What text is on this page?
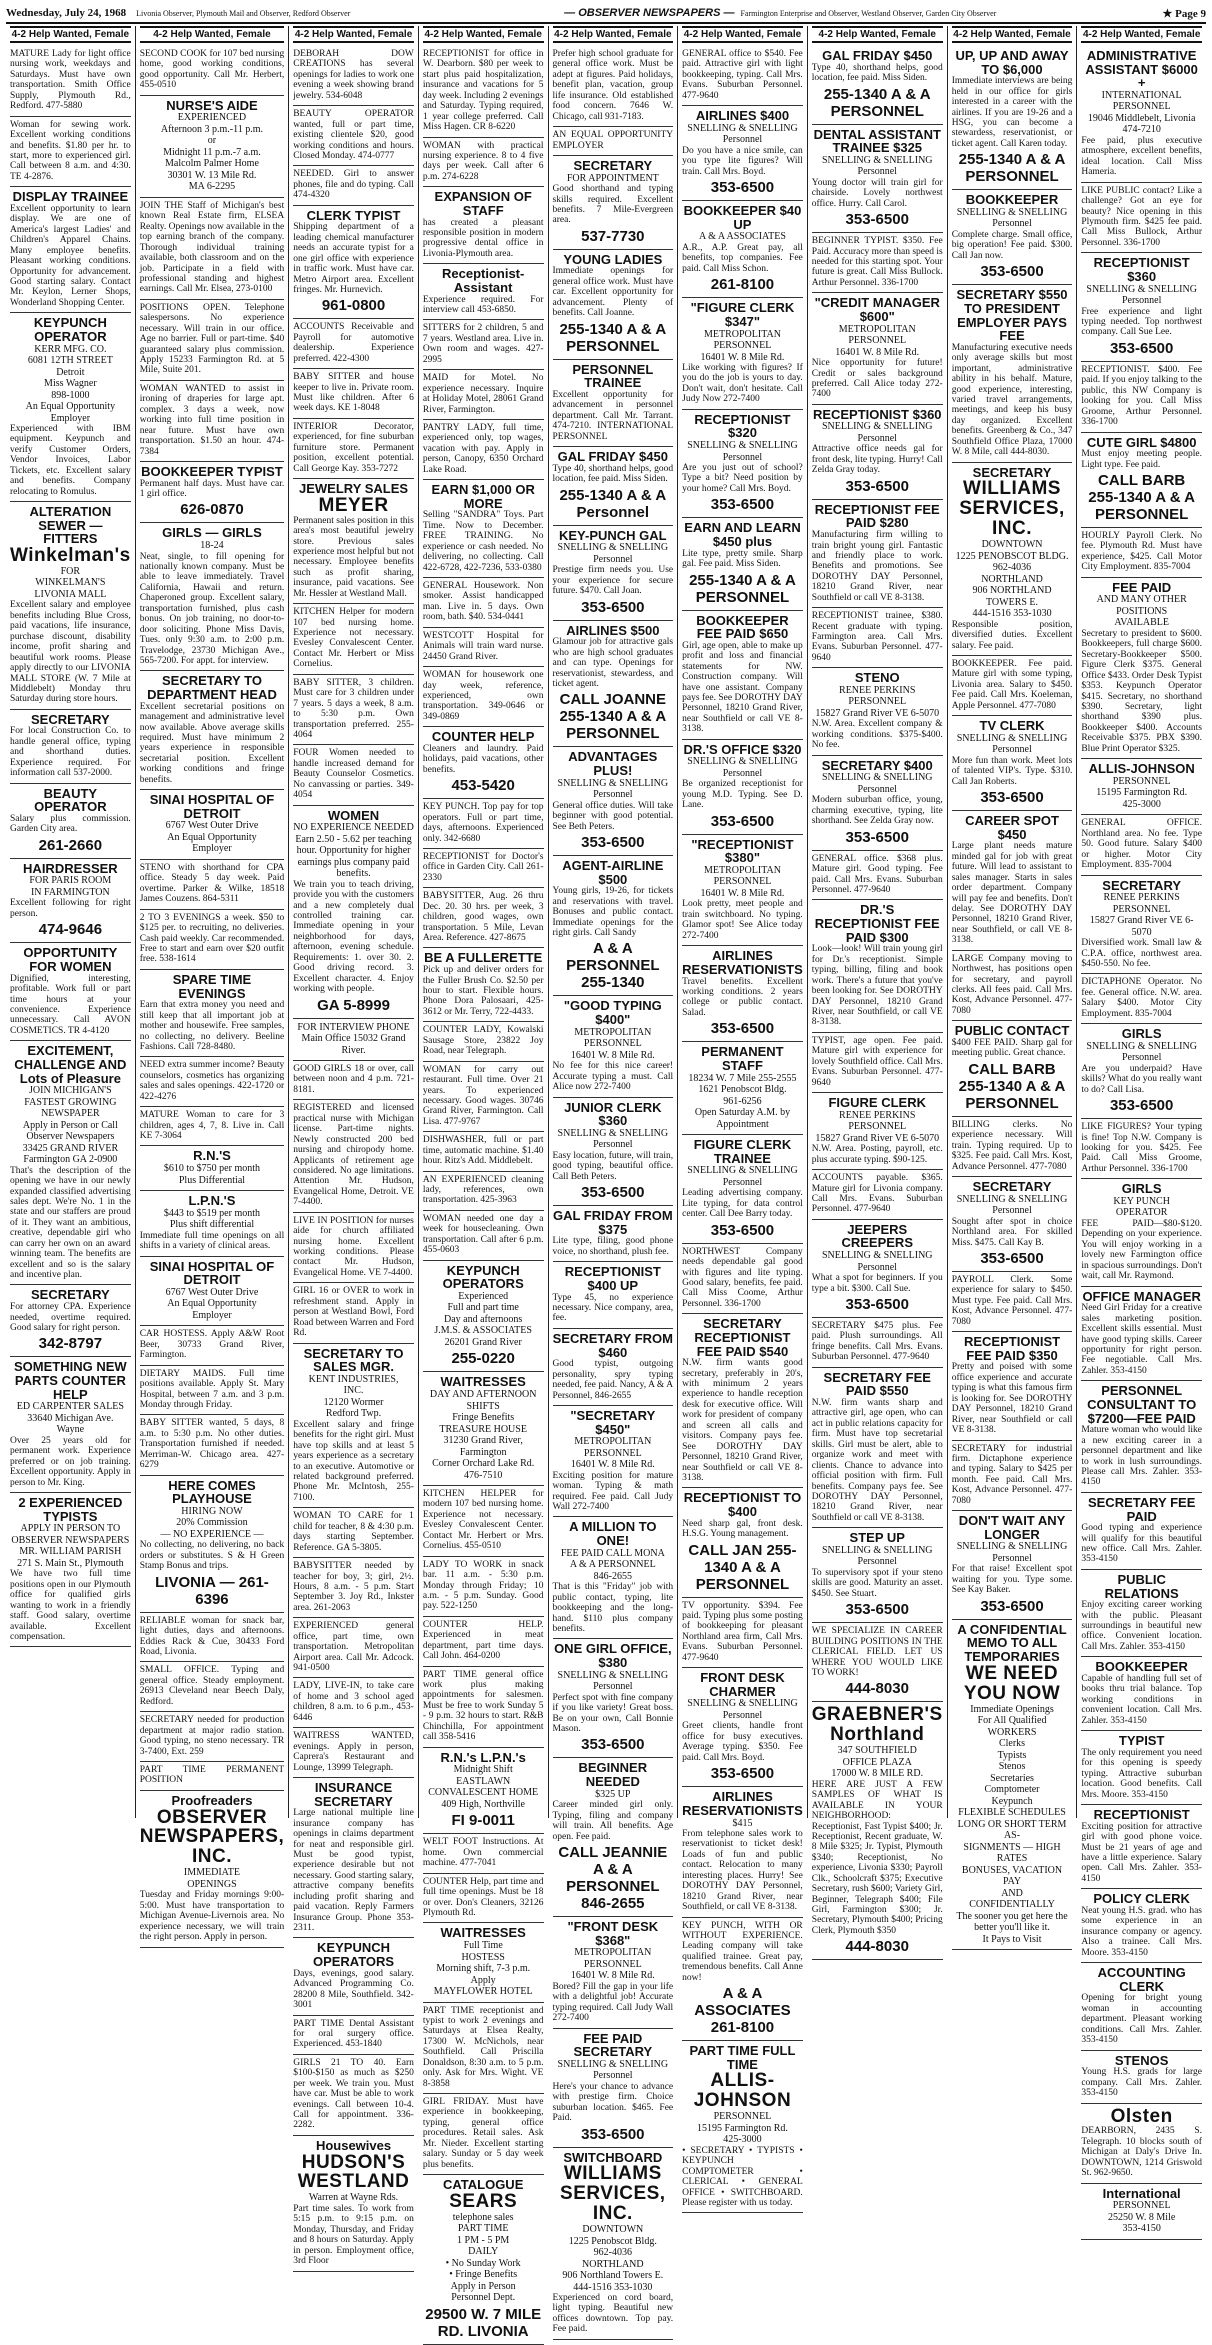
Wednesday, July 24, 1968 Livonia Observer, Plymouth Mail and Observer, Redford Observer	— OBSERVER NEWSPAPERS — Farmington Enterprise and Observer, Westland Observer, Garden City Observer	★ Page 9
4-2 Help Wanted, Female
MATURE Lady for light office nursing work, weekdays and Saturdays. Must have own transportation. Smith Office Supply, Plymouth Rd., Redford. 477-5880
Woman for sewing work. Excellent working conditions and benefits. $1.80 per hr. to start, more to experienced girl. Call between 8 a.m. and 4:30. TE 4-2876.
DISPLAY TRAINEE
Excellent opportunity to learn display. We are one of America's largest Ladies' and Children's Apparel Chains. Many employee benefits. Pleasant working conditions. Opportunity for advancement. Good starting salary. Contact Mr. Keylon, Lerner Shops, Wonderland Shopping Center.
KEYPUNCH OPERATOR
KERR MFG. CO.
6081 12TH STREET
Detroit
Miss Wagner
898-1000
An Equal Opportunity Employer
Experienced with IBM equipment. Keypunch and verify Customer Orders, Vendor Invoices, Labor Tickets, etc. Excellent salary and benefits. Company relocating to Romulus.
ALTERATION SEWER — FITTERS
Winkelman's
FOR
WINKELMAN'S
LIVONIA MALL
Excellent salary and employee benefits including Blue Cross, paid vacations, life insurance, purchase discount, disability income, profit sharing and beautiful work rooms. Please apply directly to our LIVONIA MALL STORE (W. 7 Mile at Middlebelt) Monday thru Saturday during store hours.
SECRETARY
For local Construction Co. to handle general office, typing and shorthand duties. Experience required. For information call 537-2000.
BEAUTY OPERATOR
Salary plus commission. Garden City area.
261-2660
HAIRDRESSER
FOR PARIS ROOM
IN FARMINGTON
Excellent following for right person.
474-9646
OPPORTUNITY FOR WOMEN
Dignified, interesting, profitable. Work full or part time hours at your convenience. Experience unnecessary. Call AVON COSMETICS. TR 4-4120
EXCITEMENT, CHALLENGE AND Lots of Pleasure
JOIN MICHIGAN'S
FASTEST GROWING
NEWSPAPER
Apply in Person or Call
Observer Newspapers
33425 GRAND RIVER
Farmington GA 2-0900
That's the description of the opening we have in our newly expanded classified advertising sales dept. We're No. 1 in the state and our staffers are proud of it. They want an ambitious, creative, dependable girl who can carry her own on an award winning team. The benefits are excellent and so is the salary and incentive plan.
SECRETARY
For attorney CPA. Experience needed, overtime required. Good salary for right person.
342-8797
SOMETHING NEW PARTS COUNTER HELP
ED CARPENTER SALES
33640 Michigan Ave.
Wayne
Over 25 years old for permanent work. Experience preferred or on job training. Excellent opportunity. Apply in person to Mr. King.
2 EXPERIENCED TYPISTS
APPLY IN PERSON TO
OBSERVER NEWSPAPERS
MR. WILLIAM PARISH
271 S. Main St., Plymouth
We have two full time positions open in our Plymouth office for qualified girls wanting to work in a friendly staff. Good salary, overtime available. Excellent compensation.
4-2 Help Wanted, Female
SECOND COOK for 107 bed nursing home, good working conditions, good opportunity. Call Mr. Herbert, 455-0510
NURSE'S AIDE
EXPERIENCED
Afternoon 3 p.m.-11 p.m.
or
Midnight 11 p.m.-7 a.m.
Malcolm Palmer Home
30301 W. 13 Mile Rd.
MA 6-2295
JOIN THE Staff of Michigan's best known Real Estate firm, ELSEA Realty. Openings now available in the top earning branch of the company. Thorough individual training available, both classroom and on the job. Participate in a field with professional standing and highest earnings. Call Mr. Elsea, 273-0100
POSITIONS OPEN. Telephone salespersons. No experience necessary. Will train in our office. Age no barrier. Full or part-time. $40 guaranteed salary plus commission. Apply 15233 Farmington Rd. at 5 Mile, Suite 201.
WOMAN WANTED to assist in ironing of draperies for large apt. complex. 3 days a week, now working into full time position in near future. Must have own transportation. $1.50 an hour. 474-7384
BOOKKEEPER TYPIST
Permanent half days. Must have car. 1 girl office.
626-0870
GIRLS — GIRLS
18-24
Neat, single, to fill opening for nationally known company. Must be able to leave immediately. Travel California, Hawaii and return. Chaperoned group. Excellent salary, transportation furnished, plus cash bonus. On job training, no door-to-door soliciting. Phone Miss Davis, Tues. only 9:30 a.m. to 2:00 p.m. Travelodge, 23730 Michigan Ave., 565-7200. For appt. for interview.
SECRETARY TO DEPARTMENT HEAD
Excellent secretarial positions on management and administrative level now available. Above average skills required. Must have minimum 2 years experience in responsible secretarial position. Excellent working conditions and fringe benefits.
SINAI HOSPITAL OF DETROIT
6767 West Outer Drive
An Equal Opportunity
Employer
STENO with shorthand for CPA office. Steady 5 day week. Paid overtime. Parker & Wilke, 18518 James Couzens. 864-5311
2 TO 3 EVENINGS a week. $50 to $125 per. to recruiting, no deliveries. Cash paid weekly. Car recommended. Free to start and earn over $20 outfit free. 538-1614
SPARE TIME EVENINGS
Earn that extra money you need and still keep that all important job at mother and housewife. Free samples, no collecting, no delivery. Beeline Fashions. Call 728-8480.
NEED extra summer income? Beauty counselors, cosmetics has organizing sales and sales openings. 422-1720 or 422-4276
MATURE Woman to care for 3 children, ages 4, 7, 8. Live in. Call KE 7-3064
R.N.'S
$610 to $750 per month
Plus Differential
L.P.N.'S
$443 to $519 per month
Plus shift differential
Immediate full time openings on all shifts in a variety of clinical areas.
SINAI HOSPITAL OF DETROIT
6767 West Outer Drive
An Equal Opportunity
Employer
CAR HOSTESS. Apply A&W Root Beer, 30733 Grand River, Farmington.
DIETARY MAIDS. Full time positions available. Apply St. Mary Hospital, between 7 a.m. and 3 p.m. Monday through Friday.
BABY SITTER wanted, 5 days, 8 a.m. to 5:30 p.m. No other duties. Transportation furnished if needed. Merriman-W. Chicago area. 427-6279
HERE COMES PLAYHOUSE
HIRING NOW
20% Commission
— NO EXPERIENCE —
No collecting, no delivering, no back orders or substitutes. S & H Green Stamp Bonus and trips.
LIVONIA — 261-6396
RELIABLE woman for snack bar, light duties, days and afternoons. Eddies Rack & Cue, 30433 Ford Road, Livonia.
SMALL OFFICE. Typing and general office. Steady employment. 26913 Cleveland near Beech Daly, Redford.
SECRETARY needed for production department at major radio station. Good typing, no steno necessary. TR 3-7400, Ext. 259
PART TIME PERMANENT POSITION
Proofreaders
OBSERVER NEWSPAPERS, INC.
IMMEDIATE
OPENINGS
Tuesday and Friday mornings 9:00-5:00. Must have transportation to Michigan Avenue-Livernois area. No experience necessary, we will train the right person. Apply in person.
4-2 Help Wanted, Female
DEBORAH DOW CREATIONS has several openings for ladies to work one evening a week showing brand jewelry. 534-6048
BEAUTY OPERATOR wanted, full or part time, existing clientele $20, good working conditions and hours. Closed Monday. 474-0777
NEEDED. Girl to answer phones, file and do typing. Call 474-4320
CLERK TYPIST
Shipping department of a leading chemical manufacturer needs an accurate typist for a one girl office with experience in traffic work. Must have car. Metro Airport area. Excellent fringes. Mr. Hurnevich.
961-0800
ACCOUNTS Receivable and Payroll for automotive dealership. Experience preferred. 422-4300
BABY SITTER and house keeper to live in. Private room. Must like children. After 6 week days. KE 1-8048
INTERIOR Decorator, experienced, for fine suburban furniture store. Permanent position, excellent potential. Call George Kay. 353-7272
JEWELRY SALES
MEYER
Permanent sales position in this area's most beautiful jewelry store. Previous sales experience most helpful but not necessary. Employee benefits such as profit sharing, insurance, paid vacations. See Mr. Hessler at Westland Mall.
KITCHEN Helper for modern 107 bed nursing home. Experience not necessary. Evesley Convalescent Center. Contact Mr. Herbert or Miss Cornelius.
BABY SITTER, 3 children. Must care for 3 children under 7 years. 5 days a week, 8 a.m. to 5:30 p.m. Own transportation preferred. 255-4064
FOUR Women needed to handle increased demand for Beauty Counselor Cosmetics. No canvassing or parties. 349-4054
WOMEN
NO EXPERIENCE NEEDED
Earn 2.50 - 5.62 per teaching
hour. Opportunity for higher
earnings plus company paid
benefits.
We train you to teach driving, provide you with the customers and a new completely dual controlled training car. Immediate opening in your neighborhood for days, afternoon, evening schedule. Requirements: 1. over 30. 2. Good driving record. 3. Excellent character. 4. Enjoy working with people.
GA 5-8999
FOR INTERVIEW PHONE
Main Office 15032 Grand
River.
GOOD GIRLS 18 or over, call between noon and 4 p.m. 721-8181.
REGISTERED and licensed practical nurse with Michigan license. Part-time nights. Newly constructed 200 bed nursing and chiropody home. Applicants of retirement age considered. No age limitations. Attention Mr. Hudson, Evangelical Home, Detroit. VE 7-4400.
LIVE IN POSITION for nurses aide for church affiliated nursing home. Excellent working conditions. Please contact Mr. Hudson, Evangelical Home. VE 7-4400.
GIRL 16 or OVER to work in refreshment stand. Apply in person at Westland Bowl, Ford Road between Warren and Ford Rd.
SECRETARY TO SALES MGR.
KENT INDUSTRIES,
INC.
12120 Wormer
Redford Twp.
Excellent salary and fringe benefits for the right girl. Must have top skills and at least 5 years experience as a secretary to an executive. Automotive or related background preferred. Phone Mr. McIntosh, 255-7100.
WOMAN TO CARE for 1 child for teacher, 8 & 4:30 p.m. days starting September. Reference. GA 5-3805.
BABYSITTER needed by teacher for boy, 3; girl, 2½. Hours, 8 a.m. - 5 p.m. Start September 3. Joy Rd., Inkster area. 261-2063
EXPERIENCED general office, part time, own transportation. Metropolitan Airport area. Call Mr. Adcock. 941-0500
LADY, LIVE-IN, to take care of home and 3 school aged children, 8 a.m. to 6 p.m., 453-6446
WAITRESS WANTED, evenings. Apply in person, Caprera's Restaurant and Lounge, 13999 Telegraph.
INSURANCE SECRETARY
Large national multiple line insurance company has openings in claims department for neat and responsible girl. Must be good typist, experience desirable but not necessary. Good starting salary, attractive company benefits including profit sharing and paid vacation. Reply Farmers Insurance Group. Phone 353-2311.
KEYPUNCH OPERATORS
Days, evenings, good salary. Advanced Programming Co. 28200 8 Mile, Southfield. 342-3001
PART TIME Dental Assistant for oral surgery office. Experienced. 453-1840
GIRLS 21 TO 40. Earn $100-$150 as much as $250 per week. We train you. Must have car. Must be able to work evenings. Call between 10-4. Call for appointment. 336-2282.
Housewives
HUDSON'S WESTLAND
Warren at Wayne Rds.
Part time sales. To work from 5:15 p.m. to 9:15 p.m. on Monday, Thursday, and Friday and 8 hours on Saturday. Apply in person. Employment office, 3rd Floor
4-2 Help Wanted, Female
RECEPTIONIST for office in W. Dearborn. $80 per week to start plus paid hospitalization, insurance and vacations for 5 day week. Including 2 evenings and Saturday. Typing required, 1 year college preferred. Call Miss Hagen. CR 8-6220
WOMAN with practical nursing experience. 8 to 4 five days per week. Call after 6 p.m. 274-6228
EXPANSION OF STAFF
has created a pleasant responsible position in modern progressive dental office in Livonia-Plymouth area.
Receptionist-Assistant
Experience required. For interview call 453-6850.
SITTERS for 2 children, 5 and 7 years. Westland area. Live in. Own room and wages. 427-2995
MAID for Motel. No experience necessary. Inquire at Holiday Motel, 28061 Grand River, Farmington.
PANTRY LADY, full time, experienced only, top wages, vacation with pay. Apply in person, Canopy, 6350 Orchard Lake Road.
EARN $1,000 OR MORE
Selling "SANDRA" Toys. Part Time. Now to December. FREE TRAINING. No experience or cash needed. No delivering, no collecting. Call 422-6728, 422-7236, 533-0380
GENERAL Housework. Non smoker. Assist handicapped man. Live in. 5 days. Own room, bath. $40. 534-0441
WESTCOTT Hospital for Animals will train ward nurse. 24450 Grand River.
WOMAN for housework one day week, reference, experienced, own transportation. 349-0646 or 349-0869
COUNTER HELP
Cleaners and laundry. Paid holidays, paid vacations, other benefits.
453-5420
KEY PUNCH. Top pay for top operators. Full or part time, days, afternoons. Experienced only. 342-6680
RECEPTIONIST for Doctor's office in Garden City. Call 261-2330
BABYSITTER, Aug. 26 thru Dec. 20. 30 hrs. per week, 3 children, good wages, own transportation. 5 Mile, Levan Area. Reference. 427-8675
BE A FULLERETTE
Pick up and deliver orders for the Fuller Brush Co. $2.50 per hour to start. Flexible hours. Phone Dora Palosaari, 425-3612 or Mr. Terry, 722-4433.
COUNTER LADY, Kowalski Sausage Store, 23822 Joy Road, near Telegraph.
WOMAN for carry out restaurant. Full time. Over 21 years. To experienced necessary. Good wages. 30746 Grand River, Farmington. Call Lisa. 477-9767
DISHWASHER, full or part time, automatic machine. $1.40 hour. Ritz's Add. Middlebelt.
AN EXPERIENCED cleaning lady, references, own transportation. 425-3963
WOMAN needed one day a week for housecleaning. Own transportation. Call after 6 p.m. 455-0603
KEYPUNCH OPERATORS
Experienced
Full and part time
Day and afternoons
J.M.S. & ASSOCIATES
26201 Grand River
255-0220
WAITRESSES
DAY AND AFTERNOON
SHIFTS
Fringe Benefits
TREASURE HOUSE
31230 Grand River,
Farmington
Corner Orchard Lake Rd.
476-7510
KITCHEN HELPER for modern 107 bed nursing home. Experience not necessary. Evesley Convalescent Center. Contact Mr. Herbert or Mrs. Cornelius. 455-0510
LADY TO WORK in snack bar. 11 a.m. - 5:30 p.m. Monday through Friday; 10 a.m. - 5 p.m. Sunday. Good pay. 522-1250
COUNTER HELP. Experienced in meat department, part time days. Call John. 464-0200
PART TIME general office work plus making appointments for salesmen. Must be free to work Sunday 5 - 9 p.m. 32 hours to start. R&B Chinchilla, For appointment call 358-5416
R.N.'s L.P.N.'s
Midnight Shift
EASTLAWN
CONVALESCENT HOME
409 High, Northville
FI 9-0011
WELT FOOT Instructions. At home. Own commercial machine. 477-7041
COUNTER Help, part time and full time openings. Must be 18 or over. Don's Cleaners, 32126 Plymouth Rd.
WAITRESSES
Full Time
HOSTESS
Morning shift, 7-3 p.m.
Apply
MAYFLOWER HOTEL
PART TIME receptionist and typist to work 2 evenings and Saturdays at Elsea Realty, 17300 W. McNichols, near Southfield. Call Priscilla Donaldson, 8:30 a.m. to 5 p.m. only. Ask for Mrs. Wight. VE 8-3858
GIRL FRIDAY. Must have experience in bookkeeping, typing, general office procedures. Retail sales. Ask Mr. Nieder. Excellent starting salary. Sunday or 5 day week plus benefits.
CATALOGUE
SEARS
telephone sales
PART TIME
1 PM - 5 PM
DAILY
• No Sunday Work
• Fringe Benefits
Apply in Person
Personnel Dept.
29500 W. 7 MILE RD. LIVONIA
4-2 Help Wanted, Female
Prefer high school graduate for general office work. Must be adept at figures. Paid holidays, benefit plan, vacation, group life insurance. Old established food concern. 7646 W. Chicago, call 931-7183.
AN EQUAL OPPORTUNITY EMPLOYER
SECRETARY
FOR APPOINTMENT
Good shorthand and typing skills required. Excellent benefits. 7 Mile-Evergreen area.
537-7730
YOUNG LADIES
Immediate openings for general office work. Must have car. Excellent opportunity for advancement. Plenty of benefits. Call Joanne.
255-1340 A & A PERSONNEL
PERSONNEL TRAINEE
Excellent opportunity for advancement in personnel department. Call Mr. Tarrant. 474-7210. INTERNATIONAL PERSONNEL
GAL FRIDAY $450
Type 40, shorthand helps, good location, fee paid. Miss Siden.
255-1340 A & A Personnel
KEY-PUNCH GAL
SNELLING & SNELLING
Personnel
Prestige firm needs you. Use your experience for secure future. $470. Call Joan.
353-6500
AIRLINES $500
Glamour job for attractive gals who are high school graduates and can type. Openings for reservationist, stewardess, and ticket agent.
CALL JOANNE 255-1340 A & A PERSONNEL
ADVANTAGES PLUS!
SNELLING & SNELLING
Personnel
General office duties. Will take beginner with good potential. See Beth Peters.
353-6500
AGENT-AIRLINE $500
Young girls, 19-26, for tickets and reservations with travel. Bonuses and public contact. Immediate openings for the right girls. Call Sandy
A & A PERSONNEL 255-1340
"GOOD TYPING $400"
METROPOLITAN
PERSONNEL
16401 W. 8 Mile Rd.
No fee for this nice career! Accurate typing a must. Call Alice now 272-7400
JUNIOR CLERK $360
SNELLING & SNELLING
Personnel
Easy location, future, will train, good typing, beautiful office. Call Beth Peters.
353-6500
GAL FRIDAY FROM $375
Lite type, filing, good phone voice, no shorthand, plush fee.
RECEPTIONIST $400 UP
Type 45, no experience necessary. Nice company, area, fee.
SECRETARY FROM $460
Good typist, outgoing personality, spry typing needed, fee paid. Nancy, A & A Personnel, 846-2655
"SECRETARY $450"
METROPOLITAN
PERSONNEL
16401 W. 8 Mile Rd.
Exciting position for mature woman. Typing & math required. Fee paid. Call Judy Wall 272-7400
A MILLION TO ONE!
FEE PAID CALL MONA
A & A PERSONNEL
846-2655
That is this "Friday" job with public contact, typing, lite bookkeeping and the long-hand. $110 plus company benefits.
ONE GIRL OFFICE, $380
SNELLING & SNELLING
Personnel
Perfect spot with fine company if you like variety! Great boss. Be on your own, Call Bonnie Mason.
353-6500
BEGINNER NEEDED
$325 UP
Career minded girl only. Typing, filing and company will train. All benefits. Age open. Fee paid.
CALL JEANNIE A & A PERSONNEL 846-2655
"FRONT DESK $368"
METROPOLITAN
PERSONNEL
16401 W. 8 Mile Rd.
Bored? Fill the gap in your life with a delightful job! Accurate typing required. Call Judy Wall 272-7400
FEE PAID SECRETARY
SNELLING & SNELLING
Personnel
Here's your chance to advance with prestige firm. Choice suburban location. $465. Fee Paid.
353-6500
SWITCHBOARD
WILLIAMS SERVICES, INC.
DOWNTOWN
1225 Penobscot Bldg.
962-4036
NORTHLAND
906 Northland Towers E.
444-1516 353-1030
Experienced on cord board, light typing. Beautiful new offices downtown. Top pay. Fee paid.
4-2 Help Wanted, Female
GENERAL office to $540. Fee paid. Attractive girl with light bookkeeping, typing. Call Mrs. Evans. Suburban Personnel. 477-9640
AIRLINES $400
SNELLING & SNELLING
Personnel
Do you have a nice smile, can you type lite figures? Will train. Call Mrs. Boyd.
353-6500
BOOKKEEPER $40 UP
A & A ASSOCIATES
A.R., A.P. Great pay, all benefits, top companies. Fee paid. Call Miss Schon.
261-8100
"FIGURE CLERK $347"
METROPOLITAN
PERSONNEL
16401 W. 8 Mile Rd.
Like working with figures? If you do the job is yours to day. Don't wait, don't hesitate. Call Judy Now 272-7400
RECEPTIONIST $320
SNELLING & SNELLING
Personnel
Are you just out of school? Type a bit? Need position by your home? Call Mrs. Boyd.
353-6500
EARN AND LEARN $450 plus
Lite type, pretty smile. Sharp gal. Fee paid. Miss Siden.
255-1340 A & A PERSONNEL
BOOKKEEPER FEE PAID $650
Girl, age open, able to make up profit and loss and financial statements for NW. Construction company. Will have one assistant. Company pays fee. See DOROTHY DAY Personnel, 18210 Grand River, near Southfield or call VE 8-3138.
DR.'S OFFICE $320
SNELLING & SNELLING
Personnel
Be organized receptionist for young M.D. Typing. See D. Lane.
353-6500
"RECEPTIONIST $380"
METROPOLITAN
PERSONNEL
16401 W. 8 Mile Rd.
Look pretty, meet people and train switchboard. No typing. Glamor spot! See Alice today 272-7400
AIRLINES RESERVATIONISTS
Travel benefits. Excellent working conditions. 2 years college or public contact. Salad.
353-6500
PERMANENT STAFF
18234 W. 7 Mile 255-2555
1621 Penobscot Bldg.
961-6256
Open Saturday A.M. by
Appointment
FIGURE CLERK TRAINEE
SNELLING & SNELLING
Personnel
Leading advertising company. Lite typing, for data control center. Call Dee Barry today.
353-6500
NORTHWEST Company needs dependable gal good with figures and lite typing. Good salary, benefits, fee paid. Call Miss Coome, Arthur Personnel. 336-1700
SECRETARY RECEPTIONIST FEE PAID $540
N.W. firm wants good secretary, preferably in 20's, with minimum 2 years experience to handle reception desk for executive office. Will work for president of company and screen all calls and visitors. Company pays fee. See DOROTHY DAY Personnel, 18210 Grand River, near Southfield or call VE 8-3138.
RECEPTIONIST TO $400
Need sharp gal, front desk. H.S.G. Young management.
CALL JAN 255-1340 A & A PERSONNEL
TV opportunity. $394. Fee paid. Typing plus some posting of bookkeeping for pleasant Northland area firm, Call Mrs. Evans. Suburban Personnel. 477-9640
FRONT DESK CHARMER
SNELLING & SNELLING
Personnel
Greet clients, handle front office for busy executives. Average typing. $350. Fee paid. Call Mrs. Boyd.
353-6500
AIRLINES RESERVATIONISTS
$415
From telephone sales work to reservationist to ticket desk! Loads of fun and public contact. Relocation to many interesting places. Hurry! See DOROTHY DAY Personnel, 18210 Grand River, near Southfield, or call VE 8-3138.
KEY PUNCH, WITH OR WITHOUT EXPERIENCE. Leading company will take qualified trainee. Great pay, tremendous benefits. Call Anne now!
A & A ASSOCIATES 261-8100
PART TIME FULL TIME
ALLIS-JOHNSON
PERSONNEL
15195 Farmington Rd.
425-3000
• SECRETARY • TYPISTS • KEYPUNCH COMPTOMETER • CLERICAL • GENERAL OFFICE • SWITCHBOARD. Please register with us today.
4-2 Help Wanted, Female
GAL FRIDAY $450
Type 40, shorthand helps, good location, fee paid. Miss Siden.
255-1340 A & A PERSONNEL
DENTAL ASSISTANT TRAINEE $325
SNELLING & SNELLING
Personnel
Young doctor will train girl for chairside. Lovely northwest office. Hurry. Call Carol.
353-6500
BEGINNER TYPIST. $350. Fee Paid. Accuracy more than speed is needed for this starting spot. Your future is great. Call Miss Bullock. Arthur Personnel. 336-1700
"CREDIT MANAGER $600"
METROPOLITAN
PERSONNEL
16401 W. 8 Mile Rd.
Nice opportunity for future! Credit or sales background preferred. Call Alice today 272-7400
RECEPTIONIST $360
SNELLING & SNELLING
Personnel
Attractive office needs gal for front desk, lite typing. Hurry! Call Zelda Gray today.
353-6500
RECEPTIONIST FEE PAID $280
Manufacturing firm willing to train bright young girl. Fantastic and friendly place to work. Benefits and promotions. See DOROTHY DAY Personnel, 18210 Grand River, near Southfield or call VE 8-3138.
RECEPTIONIST trainee, $380. Recent graduate with typing. Farmington area. Call Mrs. Evans. Suburban Personnel. 477-9640
STENO
RENEE PERKINS PERSONNEL
15827 Grand River VE 6-5070
N.W. Area. Excellent company & working conditions. $375-$400. No fee.
SECRETARY $400
SNELLING & SNELLING
Personnel
Modern suburban office, young, charming executive, typing, lite shorthand. See Zelda Gray now.
353-6500
GENERAL office. $368 plus. Mature girl. Good typing. Fee paid. Call Mrs. Evans. Suburban Personnel. 477-9640
DR.'S RECEPTIONIST FEE PAID $300
Look—look! Will train young girl for Dr.'s receptionist. Simple typing, billing, filing and book work. There's a future that you've been looking for. See DOROTHY DAY Personnel, 18210 Grand River, near Southfield, or call VE 8-3138.
TYPIST, age open. Fee paid. Mature girl with experience for lovely Southfield office. Call Mrs. Evans. Suburban Personnel. 477-9640
FIGURE CLERK
RENEE PERKINS PERSONNEL
15827 Grand River VE 6-5070
N.W. Area. Posting, payroll, etc. plus accurate typing. $90-125.
ACCOUNTS payable. $365. Mature girl for Livonia company. Call Mrs. Evans. Suburban Personnel. 477-9640
JEEPERS CREEPERS
SNELLING & SNELLING
Personnel
What a spot for beginners. If you type a bit. $300. Call Sue.
353-6500
SECRETARY $475 plus. Fee paid. Plush surroundings. All fringe benefits. Call Mrs. Evans. Suburban Personnel. 477-9640
SECRETARY FEE PAID $550
N.W. firm wants sharp and attractive girl, age open, who can act in public relations capacity for firm. Must have top secretarial skills. Girl must be alert, able to organize work and meet with clients. Chance to advance into official position with firm. Full benefits. Company pays fee. See DOROTHY DAY Personnel, 18210 Grand River, near Southfield or call VE 8-3138.
STEP UP
SNELLING & SNELLING
Personnel
To supervisory spot if your steno skills are good. Maturity an asset. $450. See Stuart.
353-6500
WE SPECIALIZE IN CAREER BUILDING POSITIONS IN THE CLERICAL FIELD. LET US WHERE YOU WOULD LIKE TO WORK!
444-8030
GRAEBNER'S Northland
347 SOUTHFIELD
OFFICE PLAZA
17000 W. 8 MILE RD.
HERE ARE JUST A FEW SAMPLES OF WHAT IS AVAILABLE IN YOUR NEIGHBORHOOD: Receptionist, Fast Typist $400; Jr. Receptionist, Recent graduate, W. 8 Mile $325; Jr. Typist, Plymouth $340; Receptionist, No experience, Livonia $330; Payroll Clk., Schoolcraft $375; Executive Secretary, rush $600; Variety Girl, Beginner, Telegraph $400; File Girl, Farmington $300; Jr. Secretary, Plymouth $400; Pricing Clerk, Plymouth $350
444-8030
4-2 Help Wanted, Female
UP, UP AND AWAY TO $6,000
Immediate interviews are being held in our office for girls interested in a career with the airlines. If you are 19-26 and a HSG, you can become a stewardess, reservationist, or ticket agent. Call Karen today.
255-1340 A & A PERSONNEL
BOOKKEEPER
SNELLING & SNELLING
Personnel
Complete charge. Small office, big operation! Fee paid. $300. Call Jan now.
353-6500
SECRETARY $550 TO PRESIDENT EMPLOYER PAYS FEE
Manufacturing executive needs only average skills but most important, administrative ability in his behalf. Mature, good experience, interesting, varied travel arrangements, meetings, and keep his busy day organized. Excellent benefits. Greenberg & Co., 347 Southfield Office Plaza, 17000 W. 8 Mile, call 444-8030.
SECRETARY
WILLIAMS SERVICES, INC.
DOWNTOWN
1225 PENOBSCOT BLDG.
962-4036
NORTHLAND
906 NORTHLAND TOWERS E.
444-1516 353-1030
Responsible position, diversified duties. Excellent salary. Fee paid.
BOOKKEEPER. Fee paid. Mature girl with some typing, Livonia area. Salary to $450. Fee paid. Call Mrs. Koeleman, Apple Personnel. 477-7080
TV CLERK
SNELLING & SNELLING
Personnel
More fun than work. Meet lots of talented VIP's. Type. $310. Call Jan Roberts.
353-6500
CAREER SPOT $450
Large plant needs mature minded gal for job with great future. Will lead to assistant to sales manager. Starts in sales order department. Company will pay fee and benefits. Don't delay. See DOROTHY DAY Personnel, 18210 Grand River, near Southfield, or call VE 8-3138.
LARGE Company moving to Northwest, has positions open for secretary, and payroll clerks. All fees paid. Call Mrs. Kost, Advance Personnel. 477-7080
PUBLIC CONTACT
$400 FEE PAID. Sharp gal for meeting public. Great chance.
CALL BARB 255-1340 A & A PERSONNEL
BILLING clerks. No experience necessary. Will train. Typing required. Up to $325. Fee paid. Call Mrs. Kost, Advance Personnel. 477-7080
SECRETARY
SNELLING & SNELLING
Personnel
Sought after spot in choice Northland area. For skilled Miss. $475. Call Kay B.
353-6500
PAYROLL Clerk. Some experience for salary to $450. Must type. Fee paid. Call Mrs. Kost, Advance Personnel. 477-7080
RECEPTIONIST FEE PAID $350
Pretty and poised with some office experience and accurate typing is what this famous firm is looking for. See DOROTHY DAY Personnel, 18210 Grand River, near Southfield or call VE 8-3138.
SECRETARY for industrial firm. Dictaphone experience and typing. Salary to $425 per month. Fee paid. Call Mrs. Kost, Advance Personnel. 477-7080
DON'T WAIT ANY LONGER
SNELLING & SNELLING
Personnel
For that raise! Excellent spot waiting for you. Type some. See Kay Baker.
353-6500
A CONFIDENTIAL MEMO TO ALL TEMPORARIES
WE NEED YOU NOW
Immediate Openings
For All Qualified
WORKERS
Clerks
Typists
Stenos
Secretaries
Comptometer
Keypunch
FLEXIBLE SCHEDULES
LONG OR SHORT TERM AS-
SIGNMENTS — HIGH RATES
BONUSES, VACATION PAY
AND
CONFIDENTIALLY
The sooner you get here the
better you'll like it.
It Pays to Visit
4-2 Help Wanted, Female
ADMINISTRATIVE ASSISTANT $6000 +
INTERNATIONAL PERSONNEL
19046 Middlebelt, Livonia
474-7210
Fee paid, plus executive atmosphere, excellent benefits, ideal location. Call Miss Hameria.
LIKE PUBLIC contact? Like a challenge? Got an eye for beauty? Nice opening in this Plymouth firm. $425 fee paid. Call Miss Bullock, Arthur Personnel. 336-1700
RECEPTIONIST $360
SNELLING & SNELLING
Personnel
Free experience and light typing needed. Top northwest company. Call Sue Lee.
353-6500
RECEPTIONIST. $400. Fee paid. If you enjoy talking to the public, this NW Company is looking for you. Call Miss Groome, Arthur Personnel. 336-1700
CUTE GIRL $4800
Must enjoy meeting people. Light type. Fee paid.
CALL BARB 255-1340 A & A PERSONNEL
HOURLY Payroll Clerk. No fee. Plymouth Rd. Must have experience, $425. Call Motor City Employment. 835-7004
FEE PAID
AND MANY OTHER POSITIONS
AVAILABLE
Secretary to president to $600. Bookkeepers, full charge $600. Secretary-Bookkeeper $500. Figure Clerk $375. General Office $433. Order Desk Typist $353. Keypunch Operator $415. Secretary, no shorthand $390. Secretary, light shorthand $390 plus. Bookkeeper $400. Accounts Receivable $375. PBX $390. Blue Print Operator $325.
ALLIS-JOHNSON
PERSONNEL
15195 Farmington Rd.
425-3000
GENERAL OFFICE. Northland area. No fee. Type 50. Good future. Salary $400 or higher. Motor City Employment. 835-7004
SECRETARY
RENEE PERKINS PERSONNEL
15827 Grand River VE 6-5070
Diversified work. Small law & C.P.A. office, northwest area. $450-550. No fee.
DICTAPHONE Operator. No fee. General office. N.W. area. Salary $400. Motor City Employment. 835-7004
GIRLS
SNELLING & SNELLING
Personnel
Are you underpaid? Have skills? What do you really want to do? Call Lisa.
353-6500
LIKE FIGURES? Your typing is fine! Top N.W. Company is looking for you. $425. Fee Paid. Call Miss Groome, Arthur Personnel. 336-1700
GIRLS
KEY PUNCH
OPERATOR
FEE PAID—$80-$120. Depending on your experience. You will enjoy working in a lovely new Farmington office in spacious surroundings. Don't wait, call Mr. Raymond.
OFFICE MANAGER
Need Girl Friday for a creative sales marketing position. Excellent skills essential. Must have good typing skills. Career opportunity for right person. Fee negotiable. Call Mrs. Zahler. 353-4150
PERSONNEL CONSULTANT TO $7200—FEE PAID
Mature woman who would like a new exciting career in a personnel department and like to work in lush surroundings. Please call Mrs. Zahler. 353-4150
SECRETARY FEE PAID
Good typing and experience will qualify for this beautiful new office. Call Mrs. Zahler. 353-4150
PUBLIC RELATIONS
Enjoy exciting career working with the public. Pleasant surroundings in beautiful new office. Convenient location. Call Mrs. Zahler. 353-4150
BOOKKEEPER
Capable of handling full set of books thru trial balance. Top working conditions in convenient location. Call Mrs. Zahler. 353-4150
TYPIST
The only requirement you need for this opening is speedy typing. Attractive suburban location. Good benefits. Call Mrs. Moore. 353-4150
RECEPTIONIST
Exciting position for attractive girl with good phone voice. Must be 21 years of age and have a little experience. Salary open. Call Mrs. Zahler. 353-4150
POLICY CLERK
Neat young H.S. grad. who has some experience in an insurance company or agency. Also a trainee. Call Mrs. Moore. 353-4150
ACCOUNTING CLERK
Opening for bright young woman in accounting department. Pleasant working conditions. Call Mrs. Zahler. 353-4150
STENOS
Young H.S. grads for large company. Call Mrs. Zahler. 353-4150
Olsten
DEARBORN, 2435 S. Telegraph. 10 blocks south of Michigan at Daly's Drive In. DOWNTOWN, 1214 Griswold St. 962-9650.
International
PERSONNEL
25250 W. 8 Mile
353-4150
